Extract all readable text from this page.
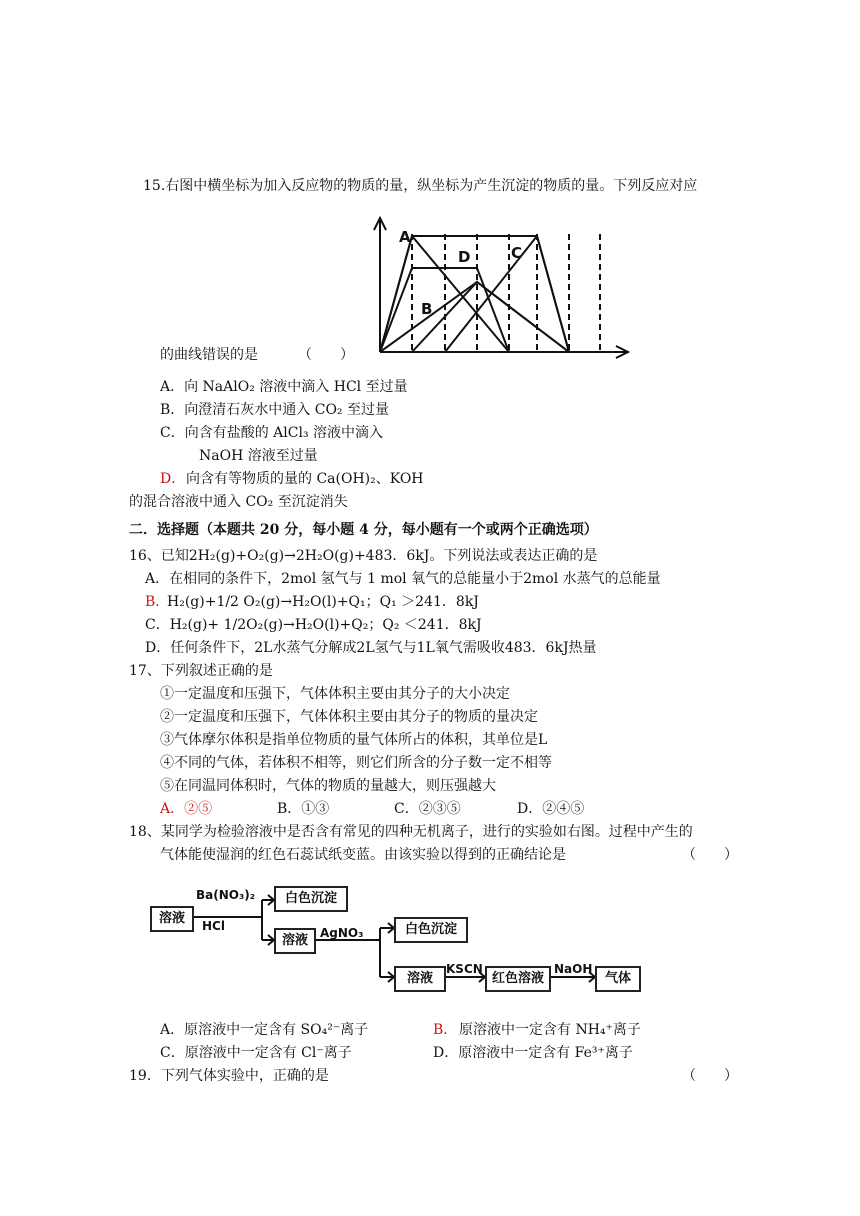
15.右图中横坐标为加入反应物的物质的量，纵坐标为产生沉淀的物质的量。下列反应对应
A
D	C
B
的曲线错误的是	（　　）
A．向 NaAlO₂ 溶液中滴入 HCl 至过量
B．向澄清石灰水中通入 CO₂ 至过量
C．向含有盐酸的 AlCl₃ 溶液中滴入
NaOH 溶液至过量
D． 向含有等物质的量的 Ca(OH)₂、KOH
的混合溶液中通入 CO₂ 至沉淀消失
二．选择题（本题共 20 分，每小题 4 分，每小题有一个或两个正确选项）
16、已知2H₂(g)+O₂(g)→2H₂O(g)+483．6kJ。下列说法或表达正确的是
A．在相同的条件下，2mol 氢气与 1 mol 氧气的总能量小于2mol 水蒸气的总能量
B．
H₂(g)+1/2 O₂(g)→H₂O(l)+Q₁；Q₁ ＞241．8kJ
C．H₂(g)+ 1/2O₂(g)→H₂O(l)+Q₂；Q₂ ＜241．8kJ
D．任何条件下，2L水蒸气分解成2L氢气与1L氧气需吸收483．6kJ热量
17、下列叙述正确的是
①一定温度和压强下，气体体积主要由其分子的大小决定
②一定温度和压强下，气体体积主要由其分子的物质的量决定
③气体摩尔体积是指单位物质的量气体所占的体积，其单位是L
④不同的气体，若体积不相等，则它们所含的分子数一定不相等
⑤在同温同体积时，气体的物质的量越大，则压强越大
A．②⑤	B．①③	C．②③⑤	D．②④⑤
18、某同学为检验溶液中是否含有常见的四种无机离子，进行的实验如右图。过程中产生的
气体能使湿润的红色石蕊试纸变蓝。由该实验以得到的正确结论是	（　　）
溶液
Ba(NO₃)₂
HCl
白色沉淀
溶液	AgNO₃	白色沉淀
溶液
KSCN
红色溶液
NaOH
气体
A．原溶液中一定含有 SO₄²⁻离子	B． 原溶液中一定含有 NH₄⁺离子
C．原溶液中一定含有 Cl⁻离子	D．原溶液中一定含有 Fe³⁺离子
19．下列气体实验中，正确的是	（　　）
